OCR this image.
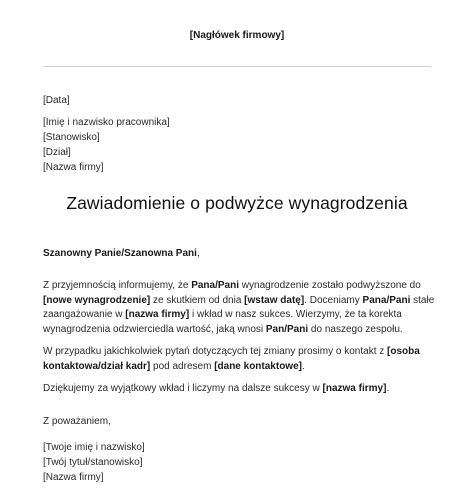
[Nagłówek firmowy]
[Data]
[Imię i nazwisko pracownika]
[Stanowisko]
[Dział]
[Nazwa firmy]
Zawiadomienie o podwyżce wynagrodzenia

Szanowny Panie/Szanowna Pani,

Z przyjemnością informujemy, że Pana/Pani wynagrodzenie zostało podwyższone do [nowe wynagrodzenie] ze skutkiem od dnia [wstaw datę]. Doceniamy Pana/Pani stałe zaangażowanie w [nazwa firmy] i wkład w nasz sukces. Wierzymy, że ta korekta wynagrodzenia odzwierciedla wartość, jaką wnosi Pan/Pani do naszego zespołu.

W przypadku jakichkolwiek pytań dotyczących tej zmiany prosimy o kontakt z [osoba kontaktowa/dział kadr] pod adresem [dane kontaktowe].

Dziękujemy za wyjątkowy wkład i liczymy na dalsze sukcesy w [nazwa firmy].

Z poważaniem,
[Twoje imię i nazwisko]
[Twój tytuł/stanowisko]
[Nazwa firmy]
